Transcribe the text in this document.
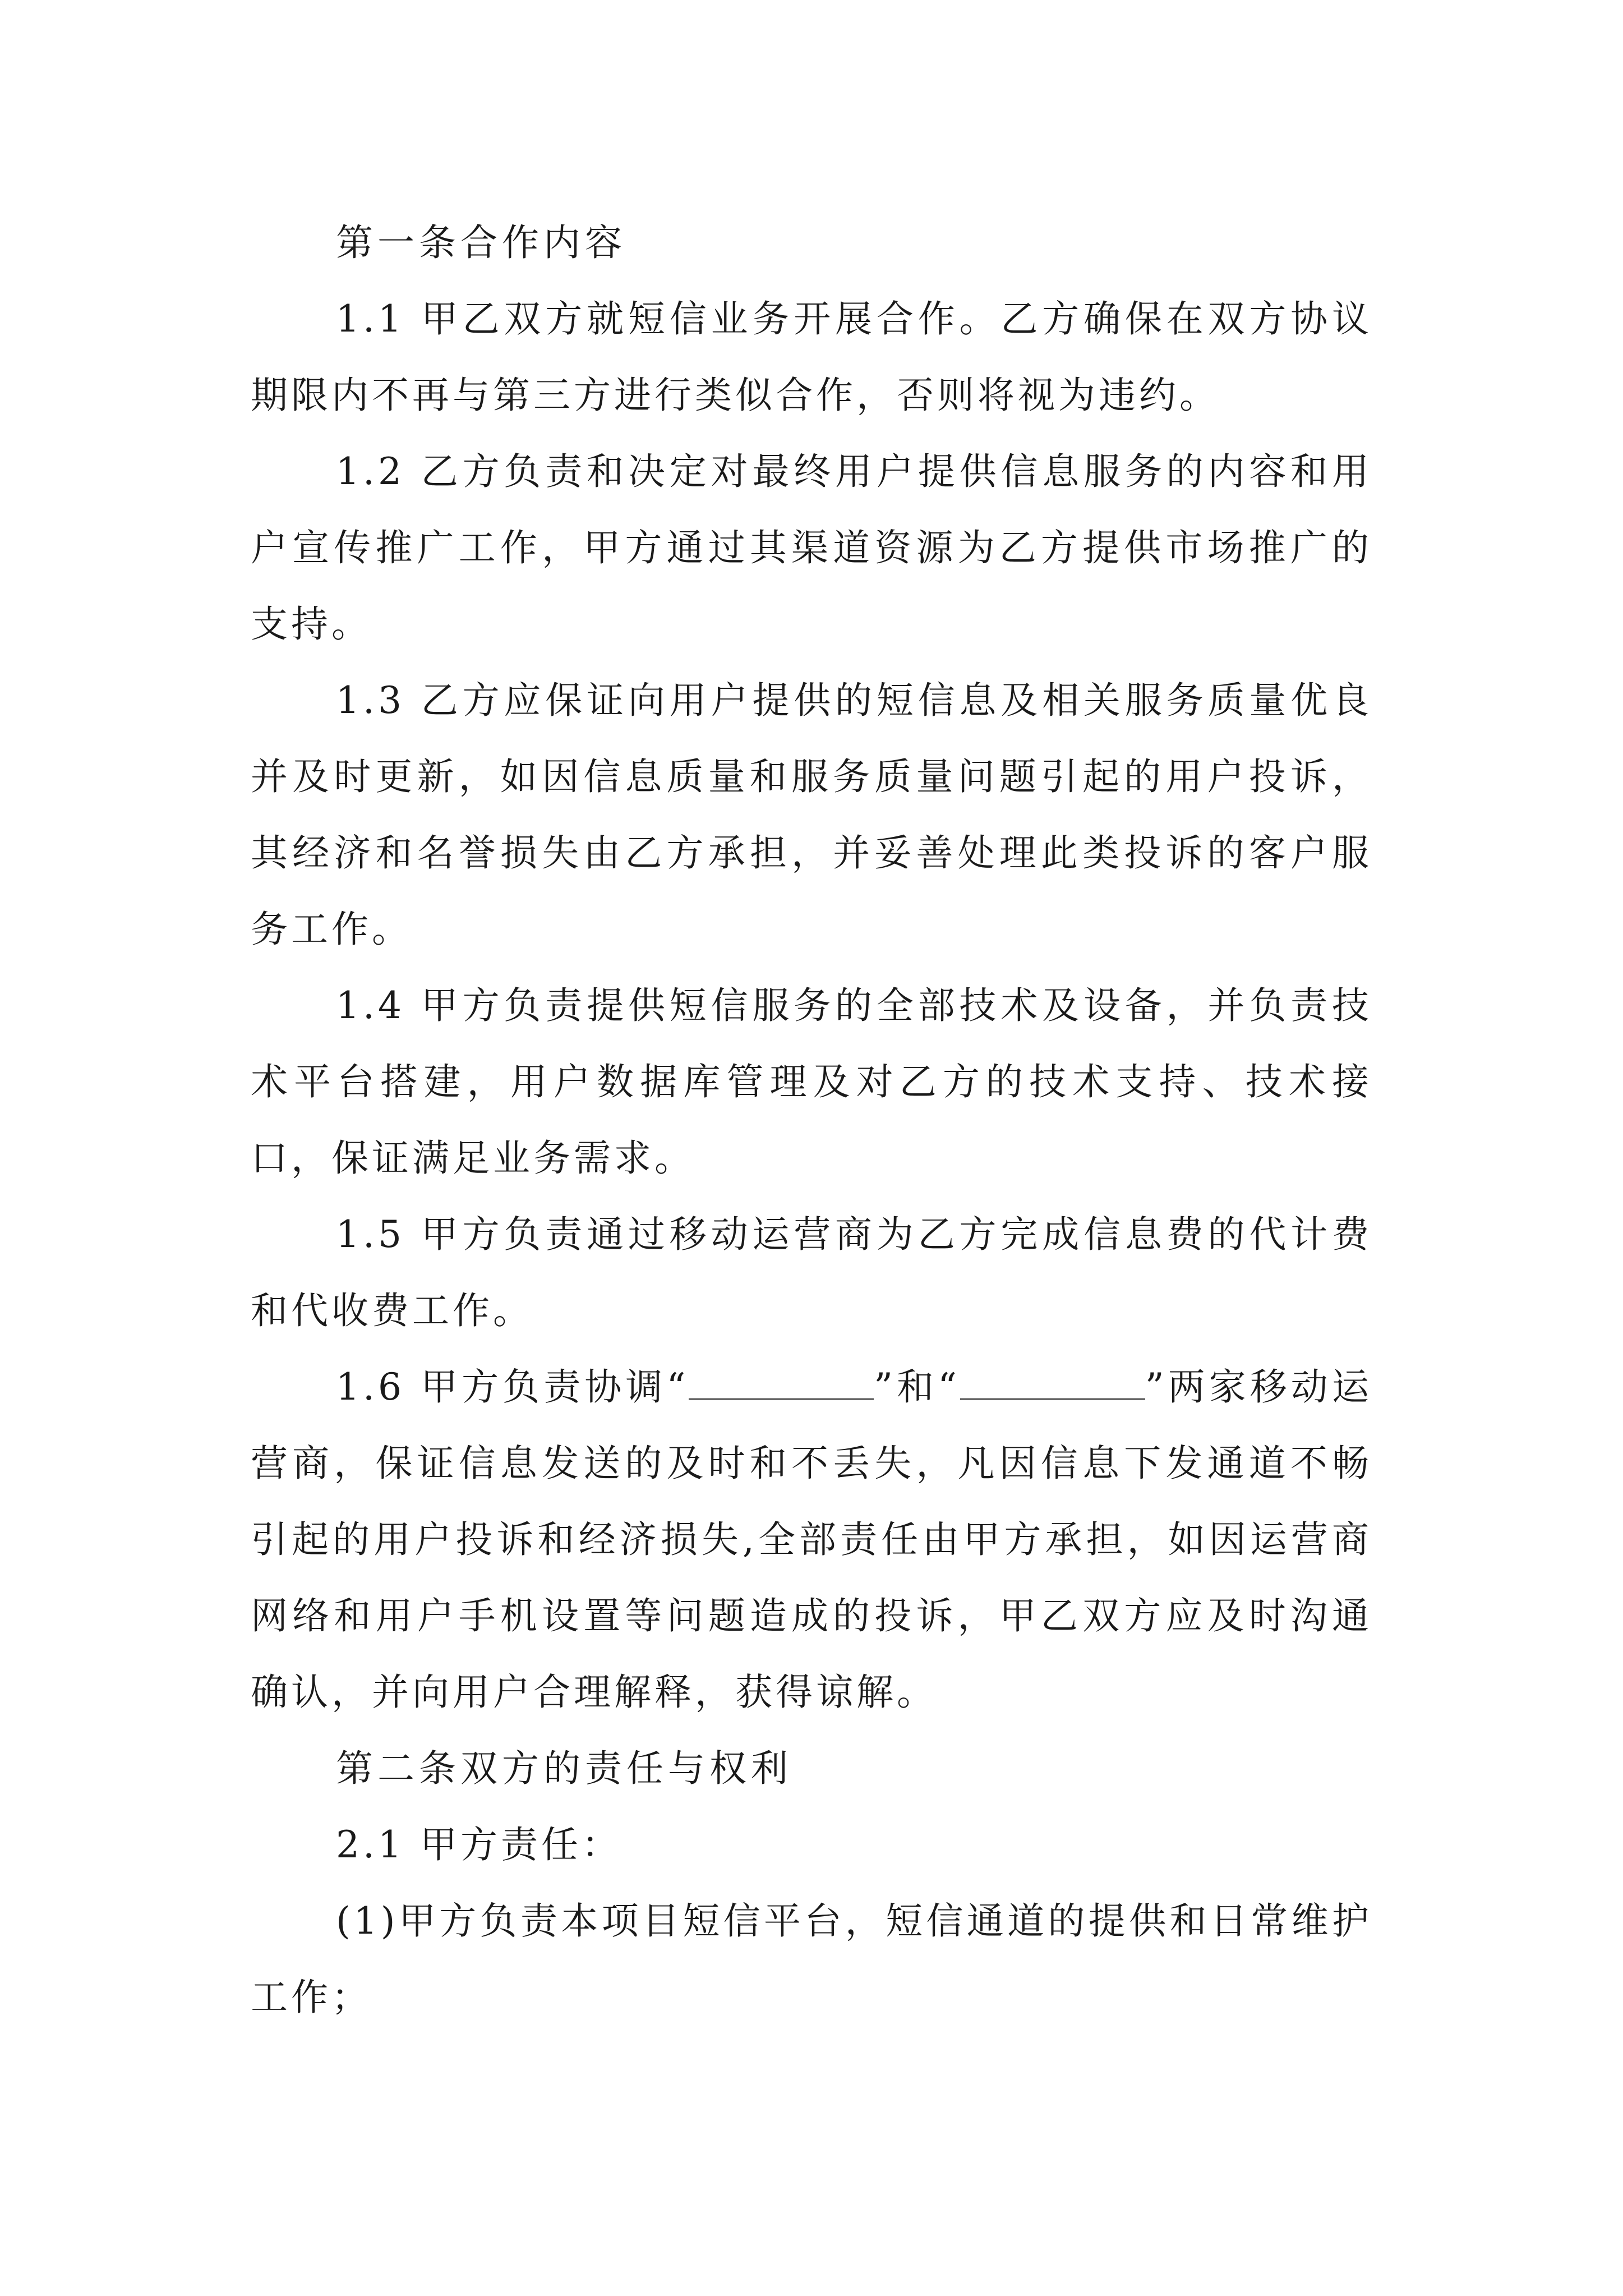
第一条合作内容

1.1 甲乙双方就短信业务开展合作。乙方确保在双方协议期限内不再与第三方进行类似合作，否则将视为违约。

1.2 乙方负责和决定对最终用户提供信息服务的内容和用户宣传推广工作，甲方通过其渠道资源为乙方提供市场推广的支持。

1.3 乙方应保证向用户提供的短信息及相关服务质量优良并及时更新，如因信息质量和服务质量问题引起的用户投诉，其经济和名誉损失由乙方承担，并妥善处理此类投诉的客户服务工作。

1.4 甲方负责提供短信服务的全部技术及设备，并负责技术平台搭建，用户数据库管理及对乙方的技术支持、技术接口，保证满足业务需求。

1.5 甲方负责通过移动运营商为乙方完成信息费的代计费和代收费工作。

1.6 甲方负责协调“	”和“	”两家移动运营商，保证信息发送的及时和不丢失，凡因信息下发通道不畅引起的用户投诉和经济损失,全部责任由甲方承担，如因运营商网络和用户手机设置等问题造成的投诉，甲乙双方应及时沟通确认，并向用户合理解释，获得谅解。

第二条双方的责任与权利

2.1 甲方责任：

(1)甲方负责本项目短信平台，短信通道的提供和日常维护工作；
